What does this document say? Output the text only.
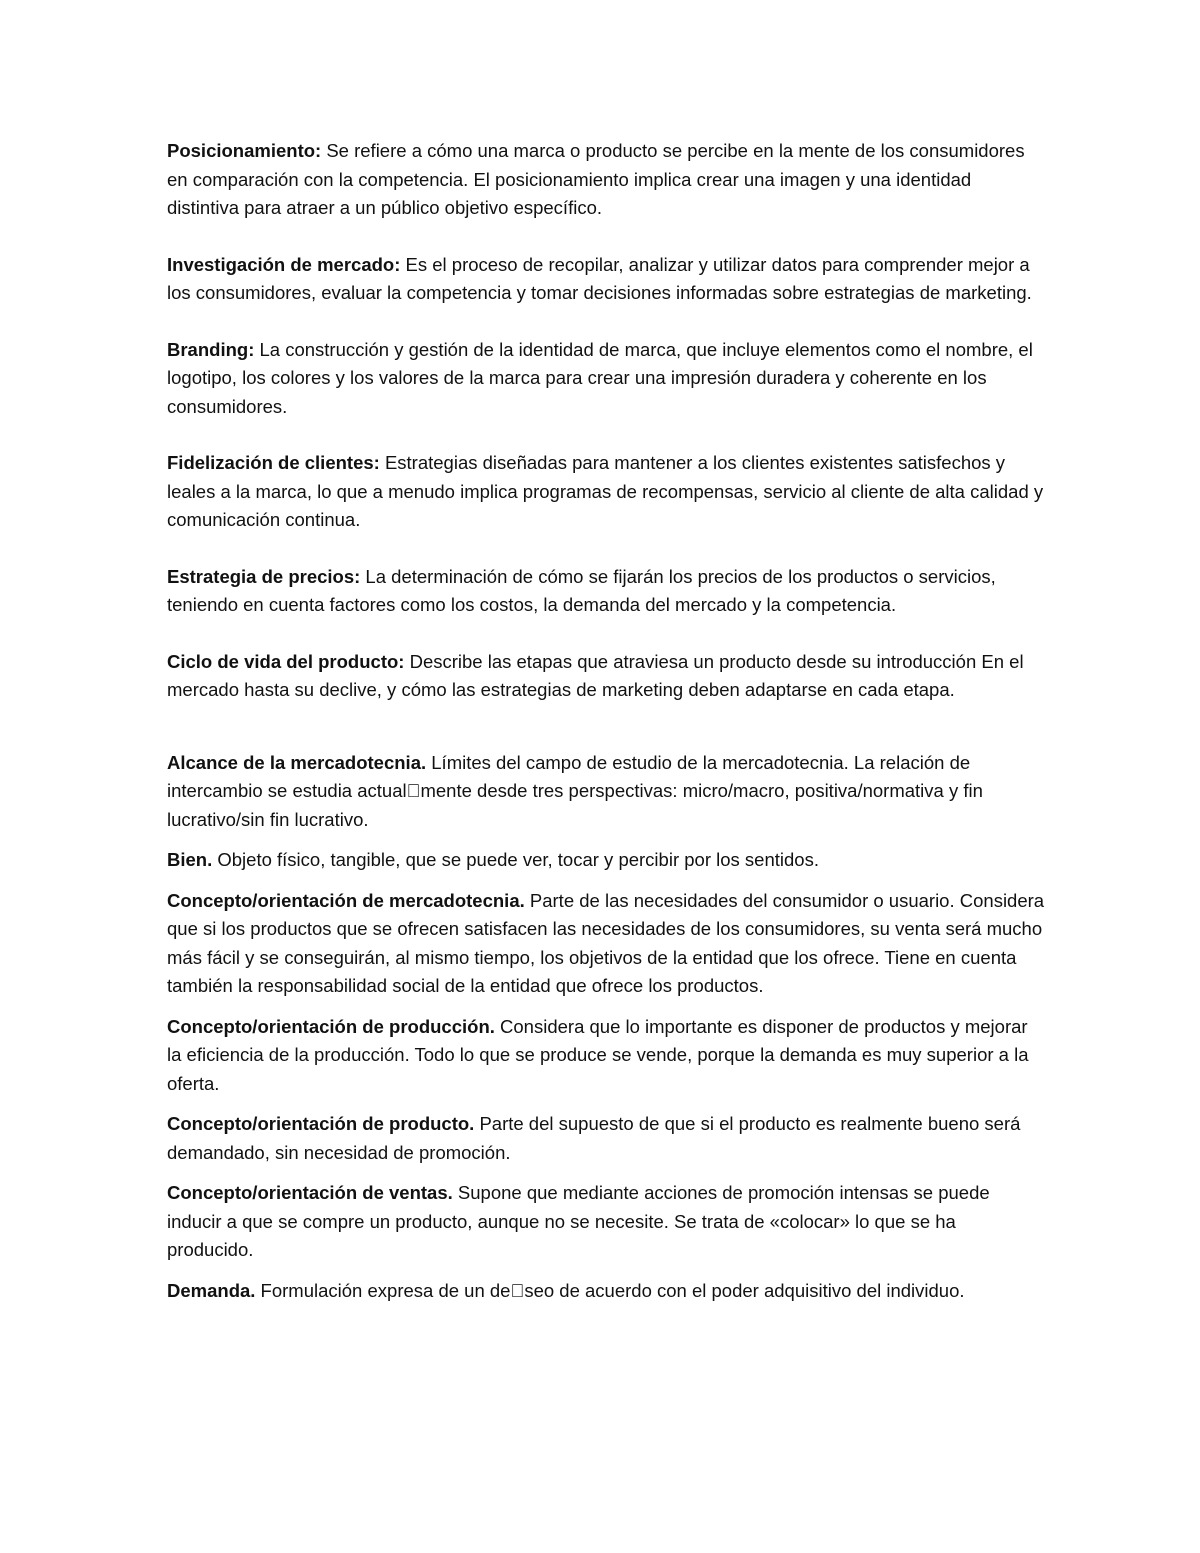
Posicionamiento: Se refiere a cómo una marca o producto se percibe en la mente de los consumidores en comparación con la competencia. El posicionamiento implica crear una imagen y una identidad distintiva para atraer a un público objetivo específico.

Investigación de mercado: Es el proceso de recopilar, analizar y utilizar datos para comprender mejor a los consumidores, evaluar la competencia y tomar decisiones informadas sobre estrategias de marketing.

Branding: La construcción y gestión de la identidad de marca, que incluye elementos como el nombre, el logotipo, los colores y los valores de la marca para crear una impresión duradera y coherente en los consumidores.

Fidelización de clientes: Estrategias diseñadas para mantener a los clientes existentes satisfechos y leales a la marca, lo que a menudo implica programas de recompensas, servicio al cliente de alta calidad y comunicación continua.

Estrategia de precios: La determinación de cómo se fijarán los precios de los productos o servicios, teniendo en cuenta factores como los costos, la demanda del mercado y la competencia.

Ciclo de vida del producto: Describe las etapas que atraviesa un producto desde su introducción En el mercado hasta su declive, y cómo las estrategias de marketing deben adaptarse en cada etapa.

Alcance de la mercadotecnia. Límites del campo de estudio de la mercadotecnia. La relación de intercambio se estudia actual mente desde tres perspectivas: micro/macro, positiva/normativa y fin lucrativo/sin fin lucrativo.

Bien. Objeto físico, tangible, que se puede ver, tocar y percibir por los sentidos.

Concepto/orientación de mercadotecnia. Parte de las necesidades del consumidor o usuario. Considera que si los productos que se ofrecen satisfacen las necesidades de los consumidores, su venta será mucho más fácil y se conseguirán, al mismo tiempo, los objetivos de la entidad que los ofrece. Tiene en cuenta también la responsabilidad social de la entidad que ofrece los productos.

Concepto/orientación de producción. Considera que lo importante es disponer de productos y mejorar la eficiencia de la producción. Todo lo que se produce se vende, porque la demanda es muy superior a la oferta.

Concepto/orientación de producto. Parte del supuesto de que si el producto es realmente bueno será demandado, sin necesidad de promoción.

Concepto/orientación de ventas. Supone que mediante acciones de promoción intensas se puede inducir a que se compre un producto, aunque no se necesite. Se trata de «colocar» lo que se ha producido.

Demanda. Formulación expresa de un de seo de acuerdo con el poder adquisitivo del individuo.
